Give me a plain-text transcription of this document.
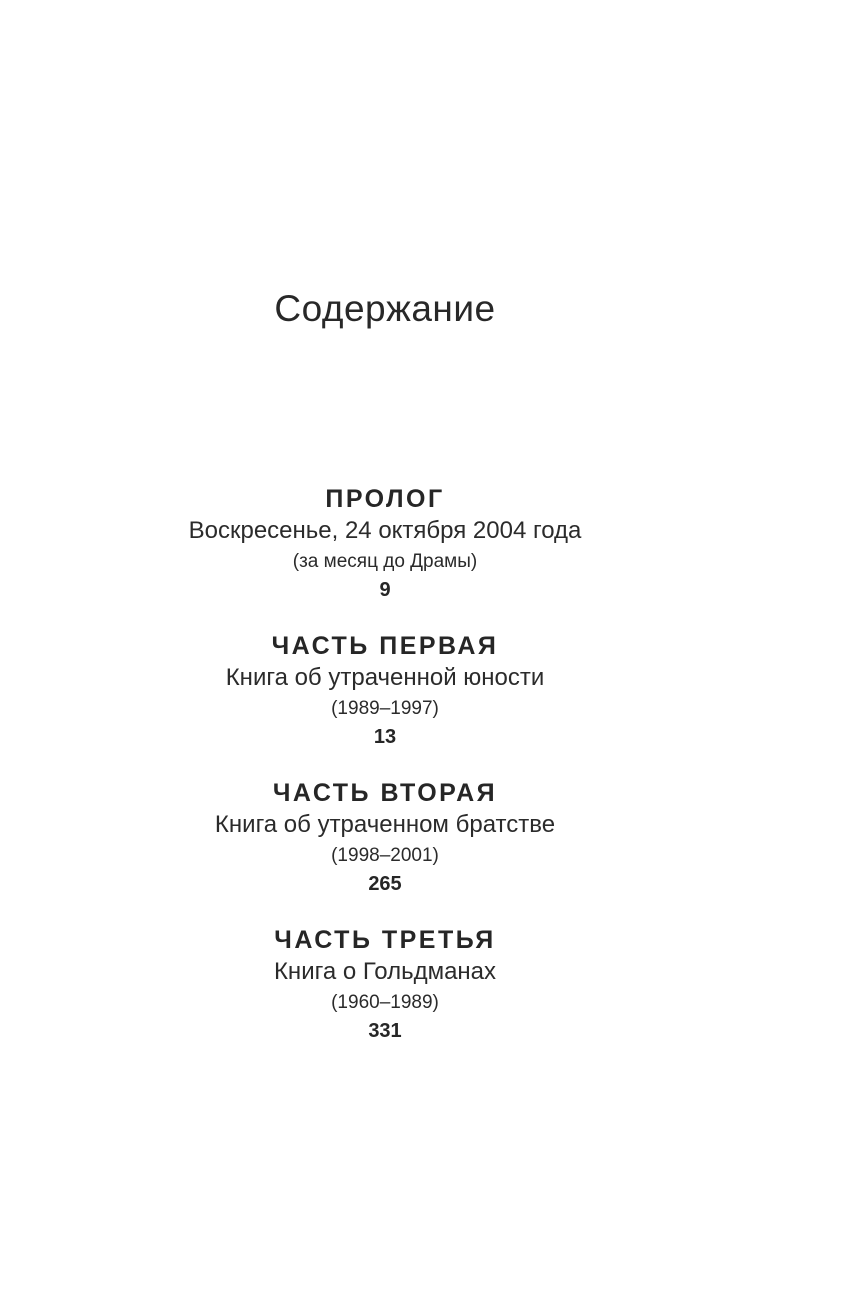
Содержание
ПРОЛОГ
Воскресенье, 24 октября 2004 года
(за месяц до Драмы)
9
ЧАСТЬ ПЕРВАЯ
Книга об утраченной юности
(1989–1997)
13
ЧАСТЬ ВТОРАЯ
Книга об утраченном братстве
(1998–2001)
265
ЧАСТЬ ТРЕТЬЯ
Книга о Гольдманах
(1960–1989)
331
